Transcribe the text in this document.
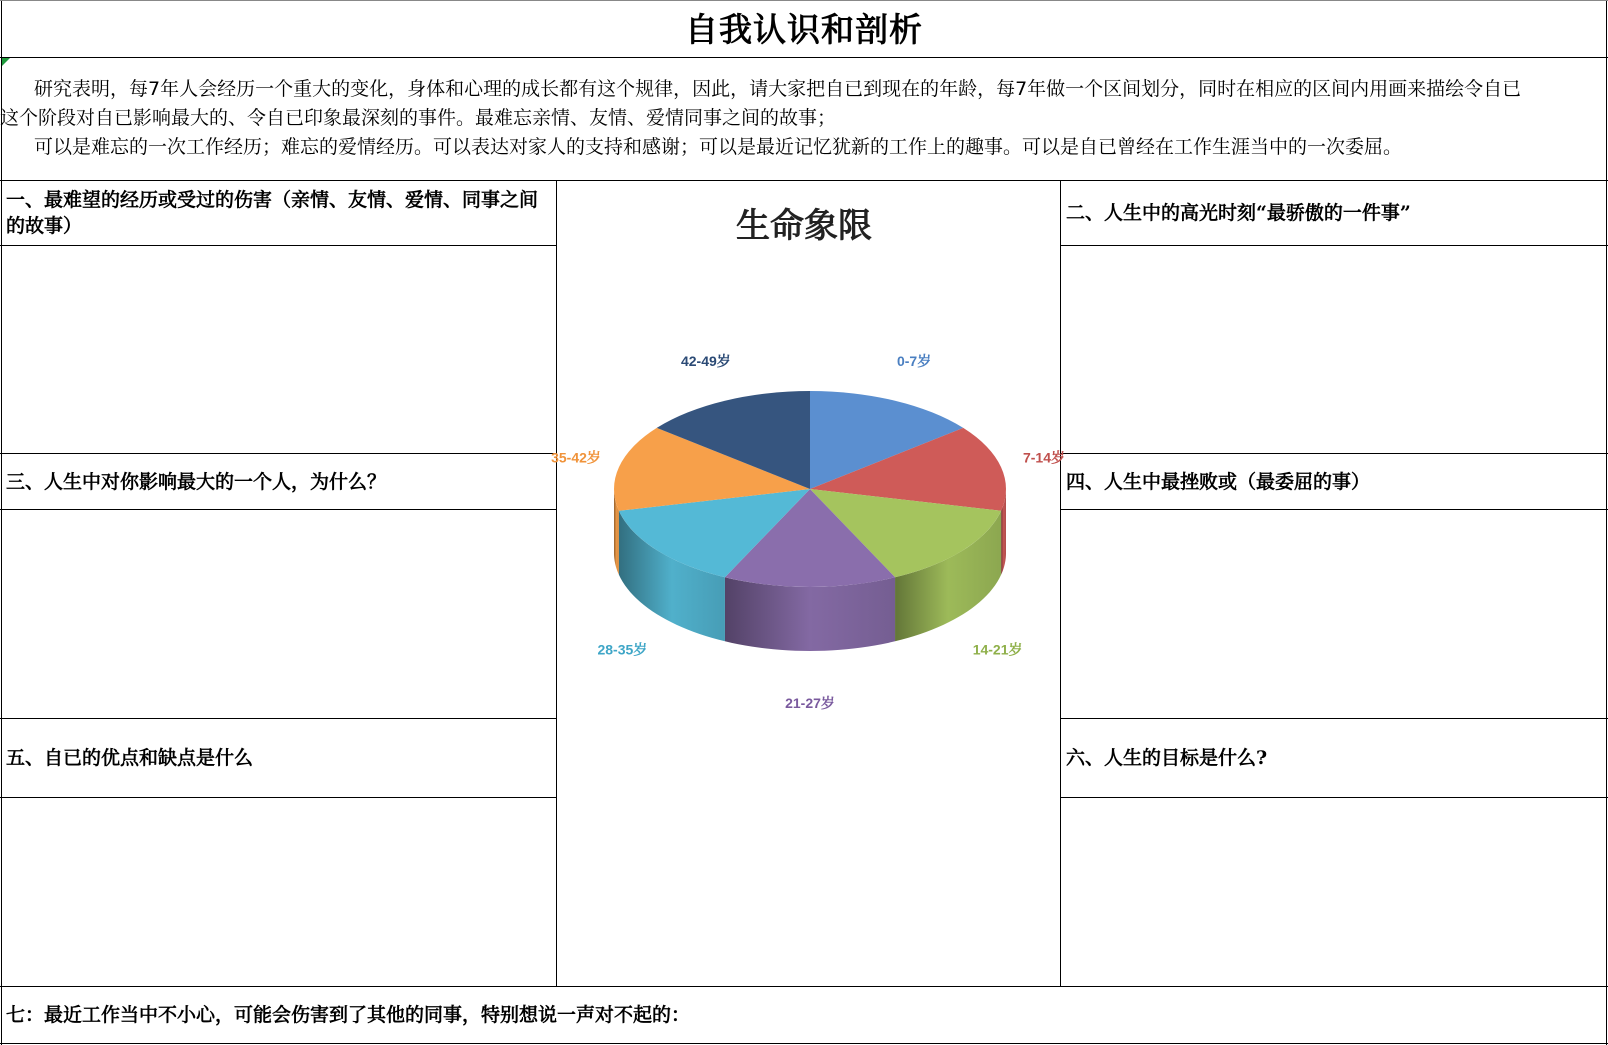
自我认识和剖析

研究表明，每7年人会经历一个重大的变化，身体和心理的成长都有这个规律，因此，请大家把自已到现在的年龄，每7年做一个区间划分，同时在相应的区间内用画来描绘令自已

这个阶段对自已影响最大的、令自已印象最深刻的事件。最难忘亲情、友情、爱情同事之间的故事；

可以是难忘的一次工作经历；难忘的爱情经历。可以表达对家人的支持和感谢；可以是最近记忆犹新的工作上的趣事。可以是自已曾经在工作生涯当中的一次委屈。

一、最难望的经历或受过的伤害（亲情、友情、爱情、同事之间的故事）
二、人生中的高光时刻“最骄傲的一件事”
三、人生中对你影响最大的一个人，为什么？	四、人生中最挫败或（最委屈的事）
五、自已的优点和缺点是什么	六、人生的目标是什么?
七：最近工作当中不小心，可能会伤害到了其他的同事，特别想说一声对不起的：
生命象限
0-7岁
7-14岁
14-21岁
21-27岁
28-35岁
35-42岁
42-49岁
